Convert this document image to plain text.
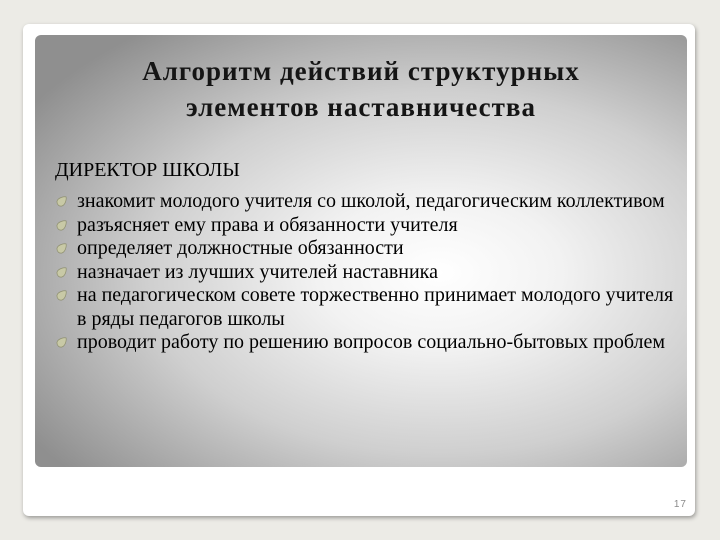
Алгоритм действий структурных
элементов наставничества
ДИРЕКТОР ШКОЛЫ
знакомит молодого учителя со школой, педагогическим коллективом
разъясняет ему права и обязанности учителя
определяет должностные обязанности
назначает из лучших учителей наставника
на педагогическом совете торжественно принимает молодого учителя в ряды педагогов школы
проводит работу по решению вопросов социально-бытовых проблем
17
